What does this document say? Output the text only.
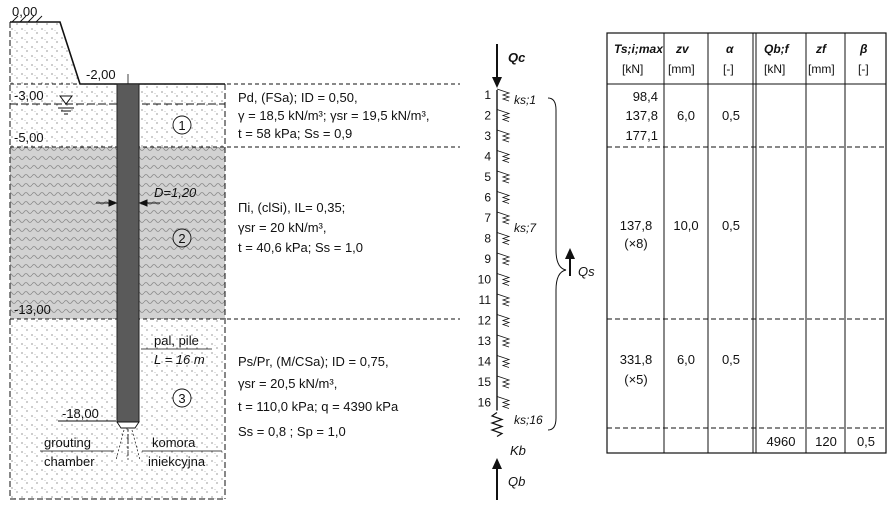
0,00
-2,00
-3,00
-5,00
-13,00
-18,00
D=1,20
1
2
3
pal, pile
L = 16 m
grouting
chamber
komora
iniekcyjna
Pd, (FSa); ID = 0,50,
γ = 18,5 kN/m³; γsr = 19,5 kN/m³,
t = 58 kPa; Ss = 0,9
Πi, (clSi), IL= 0,35;
γsr = 20 kN/m³,
t = 40,6 kPa; Ss = 1,0
Ps/Pr, (M/CSa); ID = 0,75,
γsr = 20,5 kN/m³,
t = 110,0 kPa; q = 4390 kPa
Ss = 0,8 ; Sp = 1,0
Qc
Qs
ks;1
ks;7
ks;16
Kb
Qb
1
2
3
4
5
6
7
8
9
10
11
12
13
14
15
16
Ts;i;max
[kN]
zv
[mm]
α
[-]
Qb;f
[kN]
zf
[mm]
β
[-]
98,4
137,8
177,1
6,0 0,5
137,8
(×8)
10,0 0,5
331,8
(×5)
6,0 0,5
4960 120 0,5
